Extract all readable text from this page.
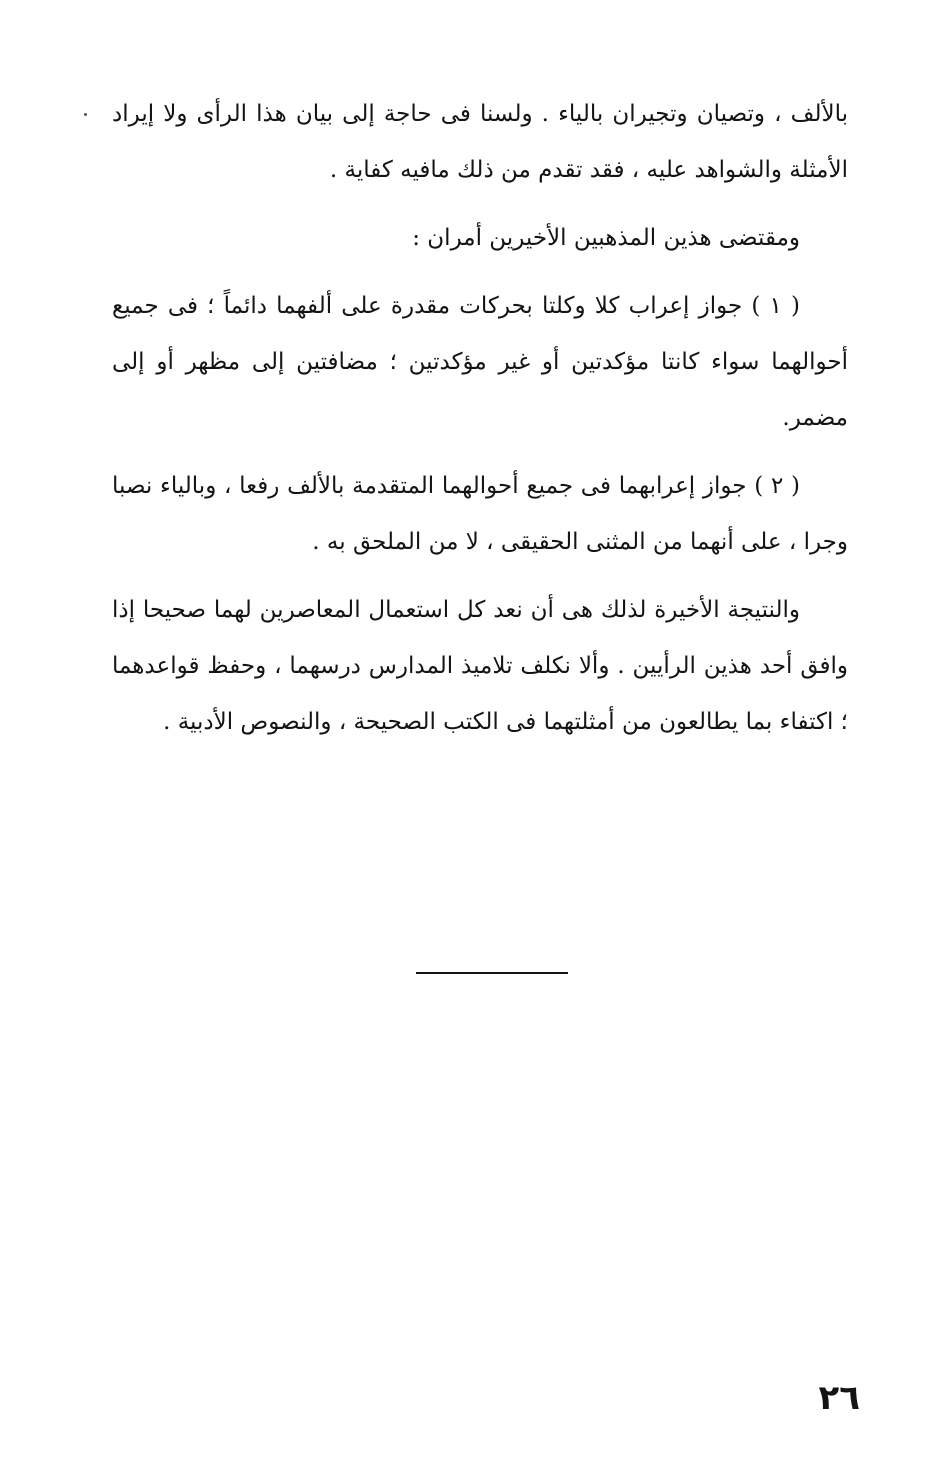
بالألف ، وتصيان وتجيران بالياء . ولسنا فى حاجة إلى بيان هذا الرأى ولا إيراد الأمثلة والشواهد عليه ، فقد تقدم من ذلك مافيه كفاية .

ومقتضى هذين المذهبين الأخيرين أمران :

( ١ ) جواز إعراب كلا وكلتا بحركات مقدرة على ألفهما دائماً ؛ فى جميع أحوالهما سواء كانتا مؤكدتين أو غير مؤكدتين ؛ مضافتين إلى مظهر أو إلى مضمر.

( ٢ ) جواز إعرابهما فى جميع أحوالهما المتقدمة بالألف رفعا ، وبالياء نصبا وجرا ، على أنهما من المثنى الحقيقى ، لا من الملحق به .

والنتيجة الأخيرة لذلك هى أن نعد كل استعمال المعاصرين لهما صحيحا إذا وافق أحد هذين الرأيين . وألا نكلف تلاميذ المدارس درسهما ، وحفظ قواعدهما ؛ اكتفاء بما يطالعون من أمثلتهما فى الكتب الصحيحة ، والنصوص الأدبية .

٢٦
